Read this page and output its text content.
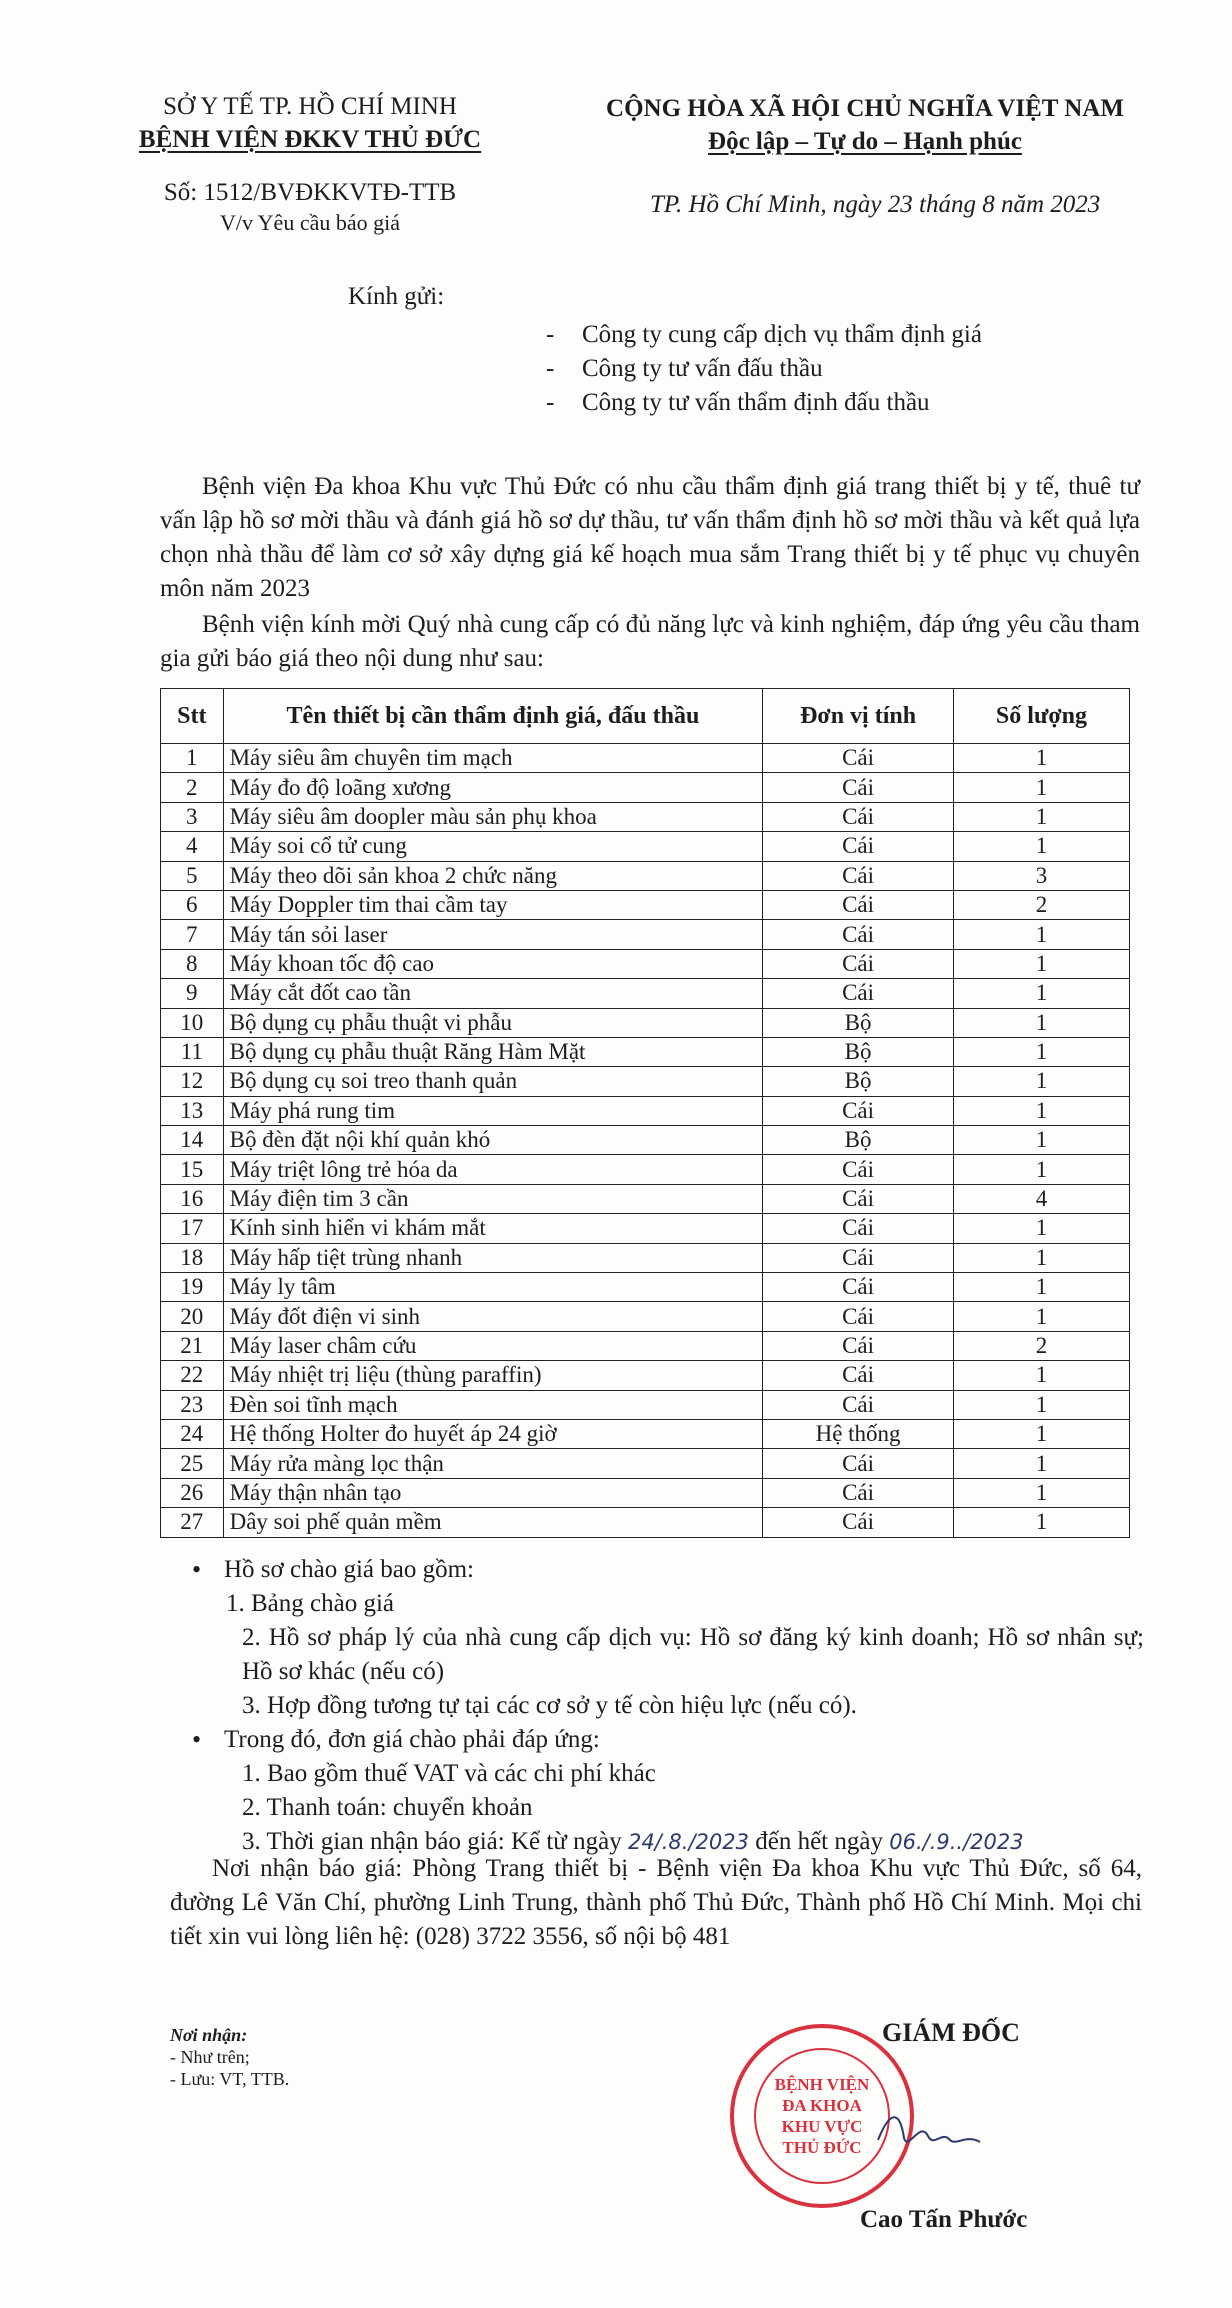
SỞ Y TẾ TP. HỒ CHÍ MINH
BỆNH VIỆN ĐKKV THỦ ĐỨC
Số: 1512/BVĐKKVTĐ-TTB
V/v Yêu cầu báo giá
CỘNG HÒA XÃ HỘI CHỦ NGHĨA VIỆT NAM
Độc lập – Tự do – Hạnh phúc
TP. Hồ Chí Minh, ngày 23 tháng 8 năm 2023
Kính gửi:
- Công ty cung cấp dịch vụ thẩm định giá
- Công ty tư vấn đấu thầu
- Công ty tư vấn thẩm định đấu thầu
Bệnh viện Đa khoa Khu vực Thủ Đức có nhu cầu thẩm định giá trang thiết bị y tế, thuê tư vấn lập hồ sơ mời thầu và đánh giá hồ sơ dự thầu, tư vấn thẩm định hồ sơ mời thầu và kết quả lựa chọn nhà thầu để làm cơ sở xây dựng giá kế hoạch mua sắm Trang thiết bị y tế phục vụ chuyên môn năm 2023
Bệnh viện kính mời Quý nhà cung cấp có đủ năng lực và kinh nghiệm, đáp ứng yêu cầu tham gia gửi báo giá theo nội dung như sau:
Stt	Tên thiết bị cần thẩm định giá, đấu thầu	Đơn vị tính	Số lượng
1	Máy siêu âm chuyên tim mạch	Cái	1
2	Máy đo độ loãng xương	Cái	1
3	Máy siêu âm doopler màu sản phụ khoa	Cái	1
4	Máy soi cổ tử cung	Cái	1
5	Máy theo dõi sản khoa 2 chức năng	Cái	3
6	Máy Doppler tim thai cầm tay	Cái	2
7	Máy tán sỏi laser	Cái	1
8	Máy khoan tốc độ cao	Cái	1
9	Máy cắt đốt cao tần	Cái	1
10	Bộ dụng cụ phẫu thuật vi phẫu	Bộ	1
11	Bộ dụng cụ phẫu thuật Răng Hàm Mặt	Bộ	1
12	Bộ dụng cụ soi treo thanh quản	Bộ	1
13	Máy phá rung tim	Cái	1
14	Bộ đèn đặt nội khí quản khó	Bộ	1
15	Máy triệt lông trẻ hóa da	Cái	1
16	Máy điện tim 3 cần	Cái	4
17	Kính sinh hiển vi khám mắt	Cái	1
18	Máy hấp tiệt trùng nhanh	Cái	1
19	Máy ly tâm	Cái	1
20	Máy đốt điện vi sinh	Cái	1
21	Máy laser châm cứu	Cái	2
22	Máy nhiệt trị liệu (thùng paraffin)	Cái	1
23	Đèn soi tĩnh mạch	Cái	1
24	Hệ thống Holter đo huyết áp 24 giờ	Hệ thống	1
25	Máy rửa màng lọc thận	Cái	1
26	Máy thận nhân tạo	Cái	1
27	Dây soi phế quản mềm	Cái	1
• Hồ sơ chào giá bao gồm:
1. Bảng chào giá
2. Hồ sơ pháp lý của nhà cung cấp dịch vụ: Hồ sơ đăng ký kinh doanh; Hồ sơ nhân sự; Hồ sơ khác (nếu có)
3. Hợp đồng tương tự tại các cơ sở y tế còn hiệu lực (nếu có).
• Trong đó, đơn giá chào phải đáp ứng:
1. Bao gồm thuế VAT và các chi phí khác
2. Thanh toán: chuyển khoản
3. Thời gian nhận báo giá: Kể từ ngày 24/.8./2023 đến hết ngày 06./.9../2023
Nơi nhận báo giá: Phòng Trang thiết bị - Bệnh viện Đa khoa Khu vực Thủ Đức, số 64, đường Lê Văn Chí, phường Linh Trung, thành phố Thủ Đức, Thành phố Hồ Chí Minh. Mọi chi tiết xin vui lòng liên hệ: (028) 3722 3556, số nội bộ 481
Nơi nhận:
- Như trên;
- Lưu: VT, TTB.
GIÁM ĐỐC
BỆNH VIỆN
ĐA KHOA
KHU VỰC
THỦ ĐỨC
Cao Tấn Phước
